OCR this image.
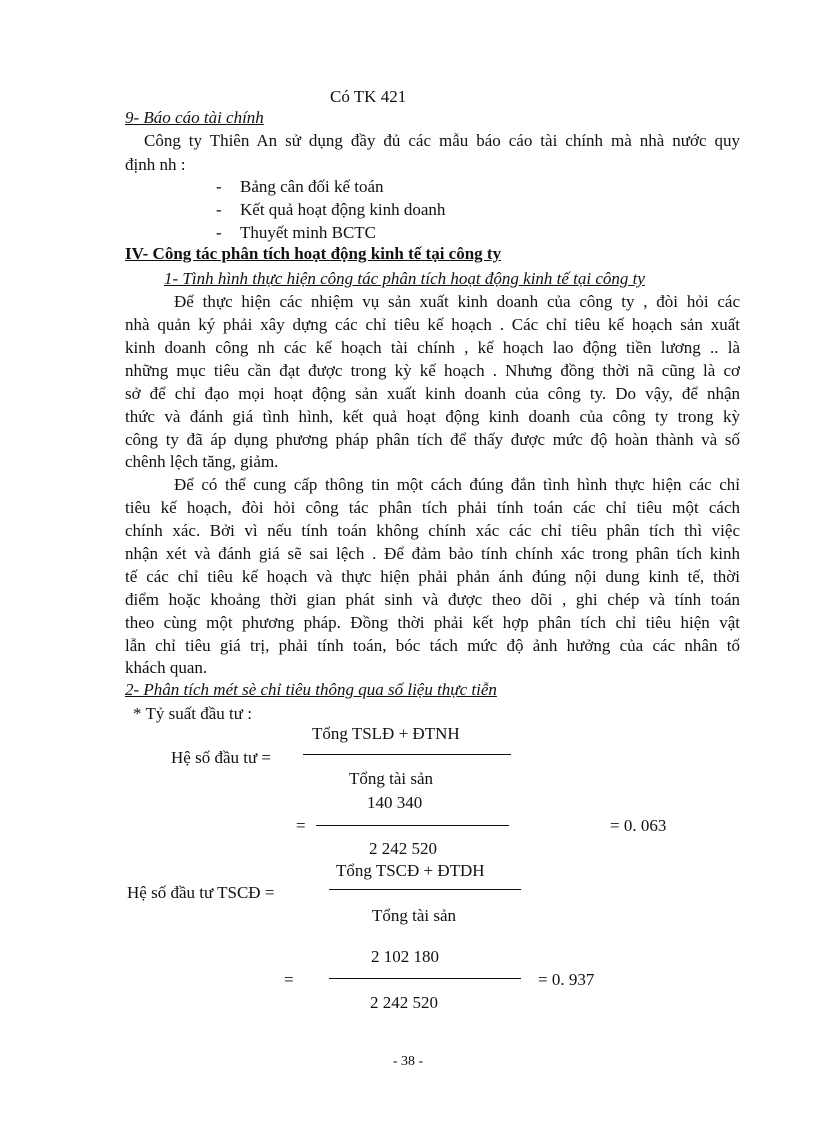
Có TK 421
9- Báo cáo tài chính
Công ty Thiên An sử dụng đầy đủ các mẫu báo cáo tài chính mà nhà nước quy
định nh :
- Bảng cân đối kế toán
- Kết quả hoạt động kinh doanh
- Thuyết minh BCTC
IV- Công tác phân tích hoạt động kinh tế tại công ty
1- Tình hình thực hiện công tác phân tích hoạt động kinh tế tại công ty
Để thực hiện các nhiệm vụ sản xuất kinh doanh của công ty , đòi hỏi các
nhà quản ký phải xây dựng các chỉ tiêu kế hoạch . Các chỉ tiêu kế hoạch sản xuất
kinh doanh công nh các kế hoạch tài chính , kế hoạch lao động tiền lương .. là
những mục tiêu cần đạt được trong kỳ kế hoạch . Nhưng đồng thời nã cũng là cơ
sở để chỉ đạo mọi hoạt động sản xuất kinh doanh của công ty. Do vậy, để nhận
thức và đánh giá tình hình, kết quả hoạt động kinh doanh của công ty trong kỳ
công ty đã áp dụng phương pháp phân tích để thấy được mức độ hoàn thành và số
chênh lệch tăng, giảm.
Để có thể cung cấp thông tin một cách đúng đắn tình hình thực hiện các chỉ
tiêu kế hoạch, đòi hỏi công tác phân tích phải tính toán các chỉ tiêu một cách
chính xác. Bởi vì nếu tính toán không chính xác các chỉ tiêu phân tích thì việc
nhận xét và đánh giá sẽ sai lệch . Để đảm bảo tính chính xác trong phân tích kinh
tế các chỉ tiêu kế hoạch và thực hiện phải phản ánh đúng nội dung kinh tế, thời
điểm hoặc khoảng thời gian phát sinh và được theo dõi , ghi chép và tính toán
theo cùng một phương pháp. Đồng thời phải kết hợp phân tích chỉ tiêu hiện vật
lẫn chỉ tiêu giá trị, phải tính toán, bóc tách mức độ ảnh hưởng của các nhân tố
khách quan.
2- Phân tích mét sè chỉ tiêu thông qua số liệu thực tiễn
* Tỷ suất đầu tư :
Tổng TSLĐ + ĐTNH
Hệ số đầu tư =
Tổng tài sản
140 340
=	= 0. 063
2 242 520
Tổng TSCĐ + ĐTDH
Hệ số đầu tư TSCĐ =
Tổng tài sản
2 102 180
=	= 0. 937
2 242 520
- 38 -
